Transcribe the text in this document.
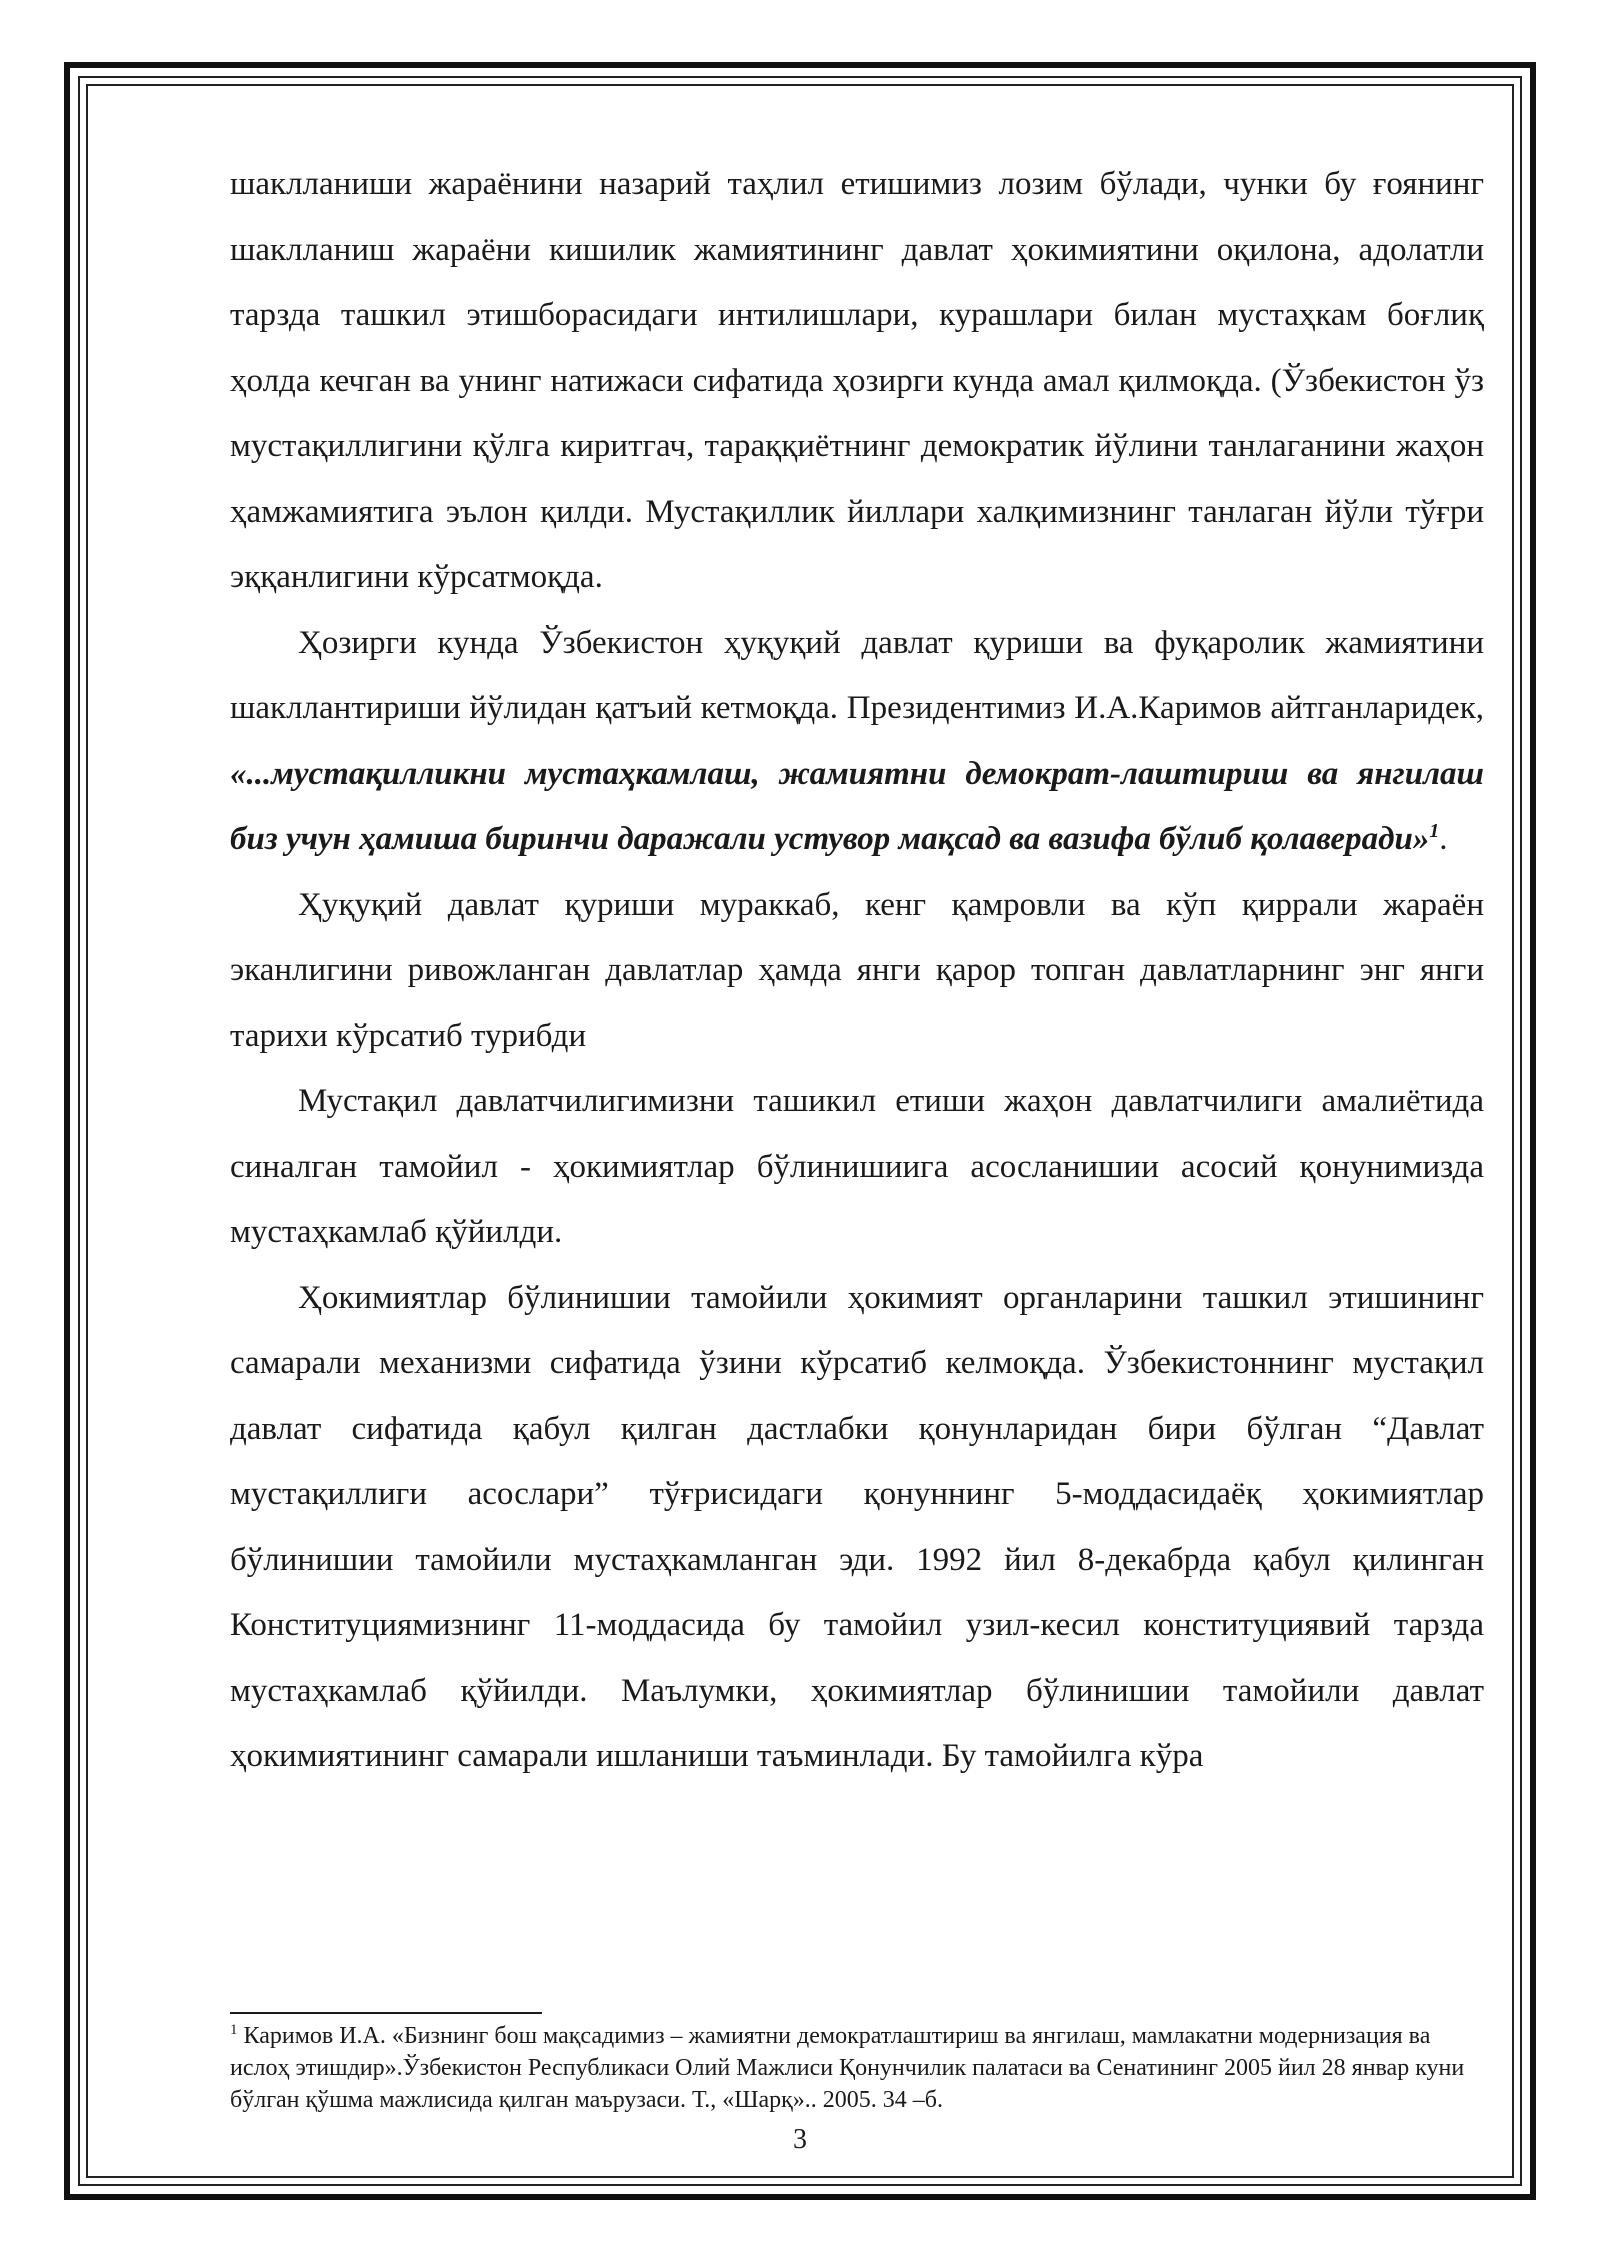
шаклланиши жараёнини назарий таҳлил етишимиз лозим бўлади, чунки бу ғоянинг шаклланиш жараёни кишилик жамиятининг давлат ҳокимиятини оқилона, адолатли тарзда ташкил этишборасидаги интилишлари, курашлари билан мустаҳкам боғлиқ ҳолда кечган ва унинг натижаси сифатида ҳозирги кунда амал қилмоқда. (Ўзбекистон ўз мустақиллигини қўлга киритгач, тараққиётнинг демократик йўлини танлаганини жаҳон ҳамжамиятига эълон қилди. Мустақиллик йиллари халқимизнинг танлаган йўли тўғри эққанлигини кўрсатмоқда.

Ҳозирги кунда Ўзбекистон ҳуқуқий давлат қуриши ва фуқаролик жамиятини шакллантириши йўлидан қатъий кетмоқда. Президентимиз И.А.Каримов айтганларидек, «...мустақилликни мустаҳкамлаш, жамиятни демократ-лаштириш ва янгилаш биз учун ҳамиша биринчи даражали устувор мақсад ва вазифа бўлиб қолаверади»$^1$.

Ҳуқуқий давлат қуриши мураккаб, кенг қамровли ва кўп қиррали жараён эканлигини ривожланган давлатлар ҳамда янги қарор топган давлатларнинг энг янги тарихи кўрсатиб турибди

Мустақил давлатчилигимизни ташикил етиши жаҳон давлатчилиги амалиётида синалган тамойил - ҳокимиятлар бўлинишиига асосланишии асосий қонунимизда мустаҳкамлаб қўйилди.

Ҳокимиятлар бўлинишии тамойили ҳокимият органларини ташкил этишининг самарали механизми сифатида ўзини кўрсатиб келмоқда. Ўзбекистоннинг мустақил давлат сифатида қабул қилган дастлабки қонунларидан бири бўлган “Давлат мустақиллиги асослари” тўғрисидаги қонуннинг 5-моддасидаёқ ҳокимиятлар бўлинишии тамойили мустаҳкамланган эди. 1992 йил 8-декабрда қабул қилинган Конституциямизнинг 11-моддасида бу тамойил узил-кесил конституциявий тарзда мустаҳкамлаб қўйилди. Маълумки, ҳокимиятлар бўлинишии тамойили давлат ҳокимиятининг самарали ишланиши таъминлади. Бу тамойилга кўра

$^1$ Каримов И.А. «Бизнинг бош мақсадимиз – жамиятни демократлаштириш ва янгилаш, мамлакатни модернизация ва ислоҳ этишдир».Ўзбекистон Республикаси Олий Мажлиси Қонунчилик палатаси ва Сенатининг 2005 йил 28 январ куни бўлган қўшма мажлисида қилган маърузаси. Т., «Шарқ».. 2005. 34 –б.
3
